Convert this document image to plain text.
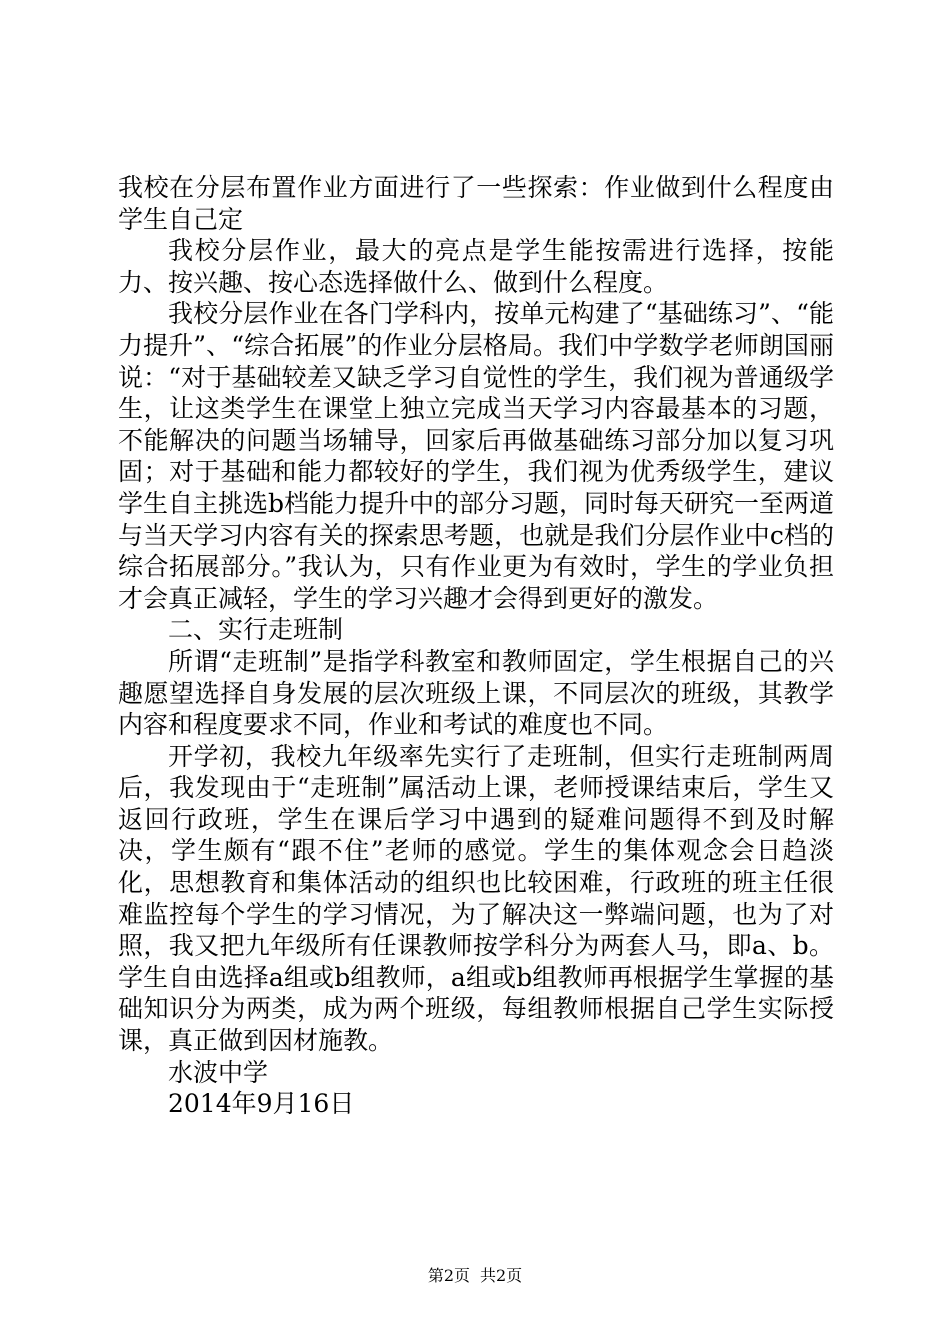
我校在分层布置作业方面进行了一些探索：作业做到什么程度由学生自己定

我校分层作业，最大的亮点是学生能按需进行选择，按能力、按兴趣、按心态选择做什么、做到什么程度。

我校分层作业在各门学科内，按单元构建了“基础练习”、“能力提升”、“综合拓展”的作业分层格局。我们中学数学老师朗国丽说：“对于基础较差又缺乏学习自觉性的学生，我们视为普通级学生，让这类学生在课堂上独立完成当天学习内容最基本的习题，不能解决的问题当场辅导，回家后再做基础练习部分加以复习巩固；对于基础和能力都较好的学生，我们视为优秀级学生，建议学生自主挑选b档能力提升中的部分习题，同时每天研究一至两道与当天学习内容有关的探索思考题，也就是我们分层作业中c档的综合拓展部分。”我认为，只有作业更为有效时，学生的学业负担才会真正减轻，学生的学习兴趣才会得到更好的激发。

二、实行走班制

所谓“走班制”是指学科教室和教师固定，学生根据自己的兴趣愿望选择自身发展的层次班级上课，不同层次的班级，其教学内容和程度要求不同，作业和考试的难度也不同。

开学初，我校九年级率先实行了走班制，但实行走班制两周后，我发现由于“走班制”属活动上课，老师授课结束后，学生又返回行政班，学生在课后学习中遇到的疑难问题得不到及时解决，学生颇有“跟不住”老师的感觉。学生的集体观念会日趋淡化，思想教育和集体活动的组织也比较困难，行政班的班主任很难监控每个学生的学习情况，为了解决这一弊端问题，也为了对照，我又把九年级所有任课教师按学科分为两套人马，即a、b。学生自由选择a组或b组教师，a组或b组教师再根据学生掌握的基础知识分为两类，成为两个班级，每组教师根据自己学生实际授课，真正做到因材施教。

水波中学

2014年9月16日

第2页 共2页
